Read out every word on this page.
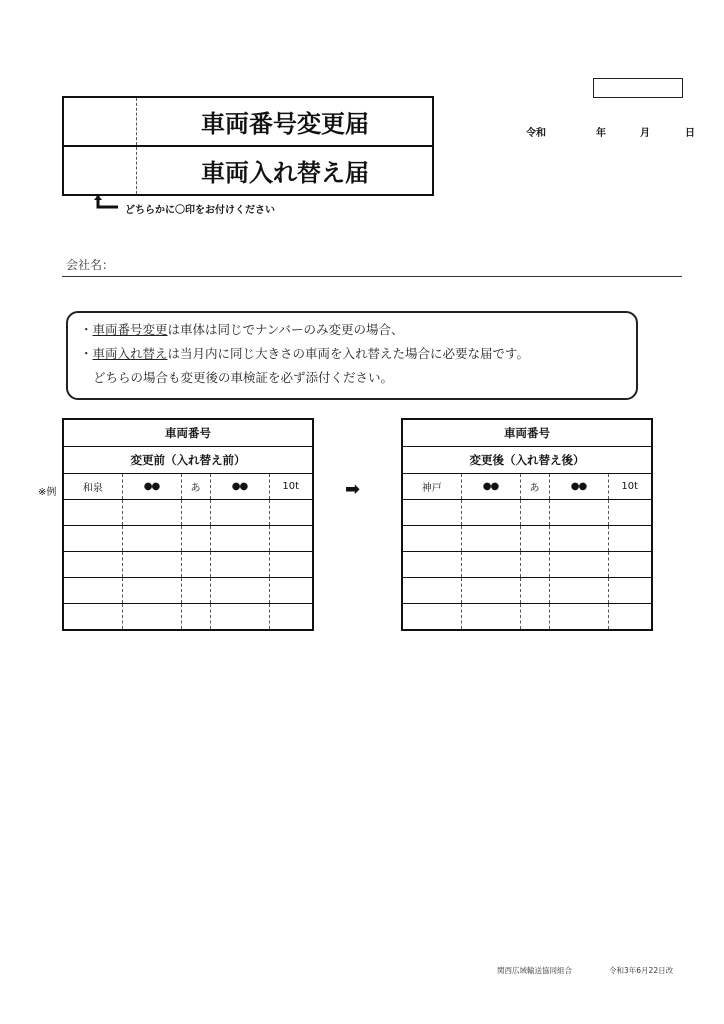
車両番号変更届
車両入れ替え届
令和	年	月	日
どちらかに〇印をお付けください
会社名：
・車両番号変更は車体は同じでナンバーのみ変更の場合、
・車両入れ替えは当月内に同じ大きさの車両を入れ替えた場合に必要な届です。
どちらの場合も変更後の車検証を必ず添付ください。
※例
車両番号				
変更前（入れ替え前）				
和泉	●●	あ	●●	10t

					➡
車両番号				
変更後（入れ替え後）				
神戸	●●	あ	●●	10t

関西広域輸送協同組合	令和3年6月22日改
